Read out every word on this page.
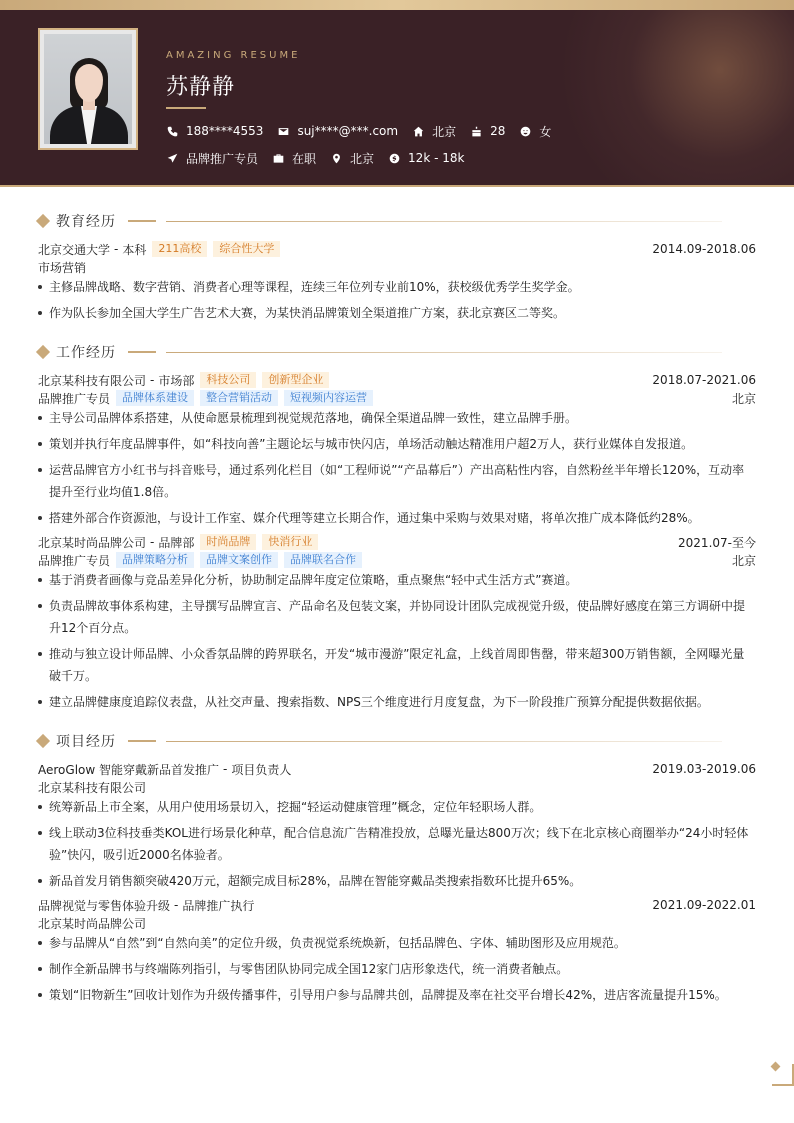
AMAZING RESUME
苏静静
188****4553	suj****@***.com	北京	28	女
品牌推广专员	在职	北京	12k - 18k
教育经历
北京交通大学 - 本科	211高校	综合性大学	2014.09-2018.06
市场营销
主修品牌战略、数字营销、消费者心理等课程，连续三年位列专业前10%，获校级优秀学生奖学金。
作为队长参加全国大学生广告艺术大赛，为某快消品牌策划全渠道推广方案，获北京赛区二等奖。
工作经历
北京某科技有限公司 - 市场部	科技公司	创新型企业	2018.07-2021.06
品牌推广专员	品牌体系建设	整合营销活动	短视频内容运营	北京
主导公司品牌体系搭建，从使命愿景梳理到视觉规范落地，确保全渠道品牌一致性，建立品牌手册。
策划并执行年度品牌事件，如“科技向善”主题论坛与城市快闪店，单场活动触达精准用户超2万人，获行业媒体自发报道。
运营品牌官方小红书与抖音账号，通过系列化栏目（如“工程师说”“产品幕后”）产出高粘性内容，自然粉丝半年增长120%，互动率提升至行业均值1.8倍。
搭建外部合作资源池，与设计工作室、媒介代理等建立长期合作，通过集中采购与效果对赌，将单次推广成本降低约28%。
北京某时尚品牌公司 - 品牌部	时尚品牌	快消行业	2021.07-至今
品牌推广专员	品牌策略分析	品牌文案创作	品牌联名合作	北京
基于消费者画像与竞品差异化分析，协助制定品牌年度定位策略，重点聚焦“轻中式生活方式”赛道。
负责品牌故事体系构建，主导撰写品牌宣言、产品命名及包装文案，并协同设计团队完成视觉升级，使品牌好感度在第三方调研中提升12个百分点。
推动与独立设计师品牌、小众香氛品牌的跨界联名，开发“城市漫游”限定礼盒，上线首周即售罄，带来超300万销售额，全网曝光量破千万。
建立品牌健康度追踪仪表盘，从社交声量、搜索指数、NPS三个维度进行月度复盘，为下一阶段推广预算分配提供数据依据。
项目经历
AeroGlow 智能穿戴新品首发推广 - 项目负责人	2019.03-2019.06
北京某科技有限公司
统筹新品上市全案，从用户使用场景切入，挖掘“轻运动健康管理”概念，定位年轻职场人群。
线上联动3位科技垂类KOL进行场景化种草，配合信息流广告精准投放，总曝光量达800万次；线下在北京核心商圈举办“24小时轻体验”快闪，吸引近2000名体验者。
新品首发月销售额突破420万元，超额完成目标28%，品牌在智能穿戴品类搜索指数环比提升65%。
品牌视觉与零售体验升级 - 品牌推广执行	2021.09-2022.01
北京某时尚品牌公司
参与品牌从“自然”到“自然向美”的定位升级，负责视觉系统焕新，包括品牌色、字体、辅助图形及应用规范。
制作全新品牌书与终端陈列指引，与零售团队协同完成全国12家门店形象迭代，统一消费者触点。
策划“旧物新生”回收计划作为升级传播事件，引导用户参与品牌共创，品牌提及率在社交平台增长42%，进店客流量提升15%。
